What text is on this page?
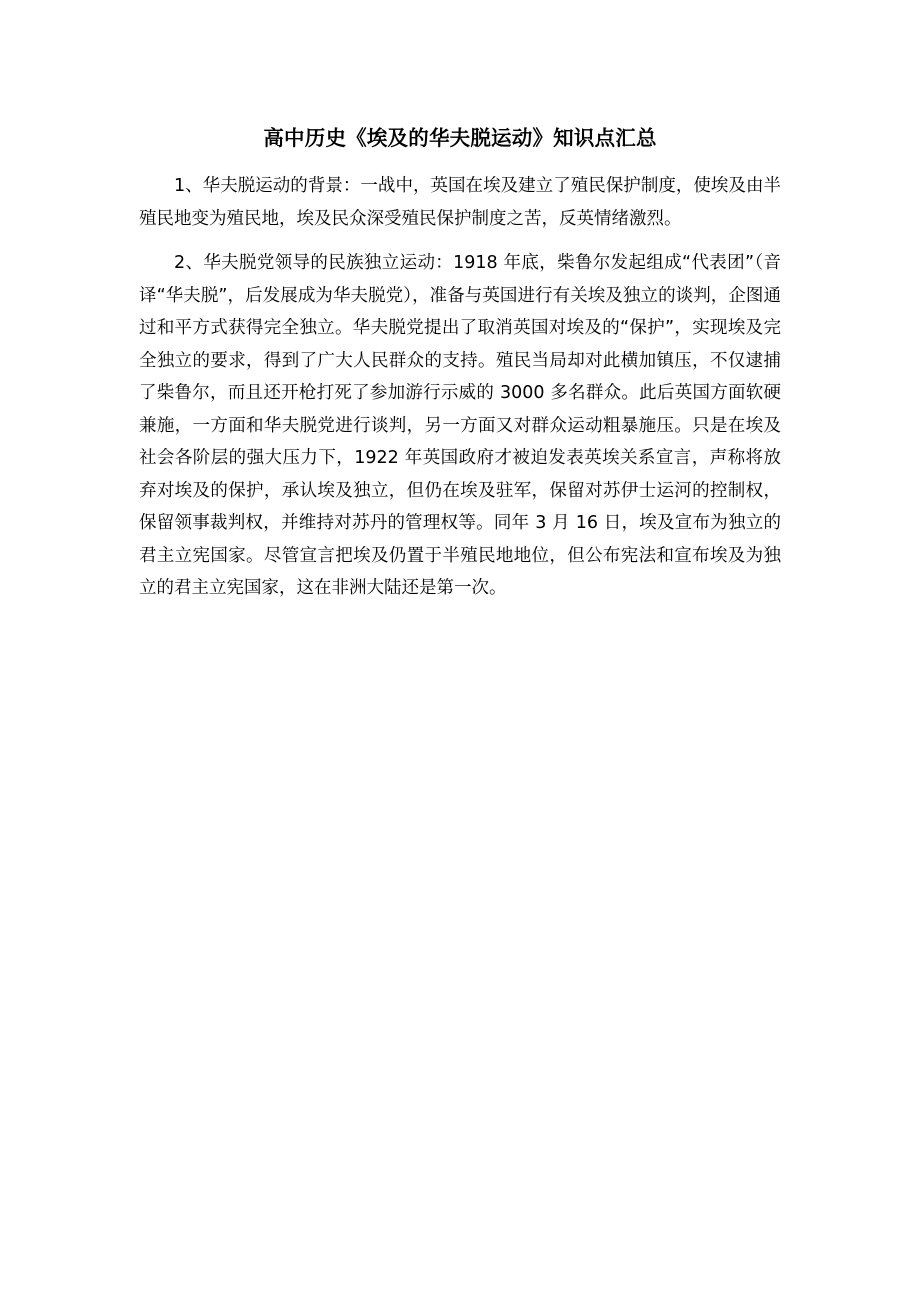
高中历史《埃及的华夫脱运动》知识点汇总

1、华夫脱运动的背景：一战中，英国在埃及建立了殖民保护制度，使埃及由半殖民地变为殖民地，埃及民众深受殖民保护制度之苦，反英情绪激烈。

2、华夫脱党领导的民族独立运动：1918 年底，柴鲁尔发起组成“代表团”（音译“华夫脱”，后发展成为华夫脱党），准备与英国进行有关埃及独立的谈判，企图通过和平方式获得完全独立。华夫脱党提出了取消英国对埃及的“保护”，实现埃及完全独立的要求，得到了广大人民群众的支持。殖民当局却对此横加镇压，不仅逮捕了柴鲁尔，而且还开枪打死了参加游行示威的 3000 多名群众。此后英国方面软硬兼施，一方面和华夫脱党进行谈判，另一方面又对群众运动粗暴施压。只是在埃及社会各阶层的强大压力下，1922 年英国政府才被迫发表英埃关系宣言，声称将放弃对埃及的保护，承认埃及独立，但仍在埃及驻军，保留对苏伊士运河的控制权，保留领事裁判权，并维持对苏丹的管理权等。同年 3 月 16 日，埃及宣布为独立的君主立宪国家。尽管宣言把埃及仍置于半殖民地地位，但公布宪法和宣布埃及为独立的君主立宪国家，这在非洲大陆还是第一次。
